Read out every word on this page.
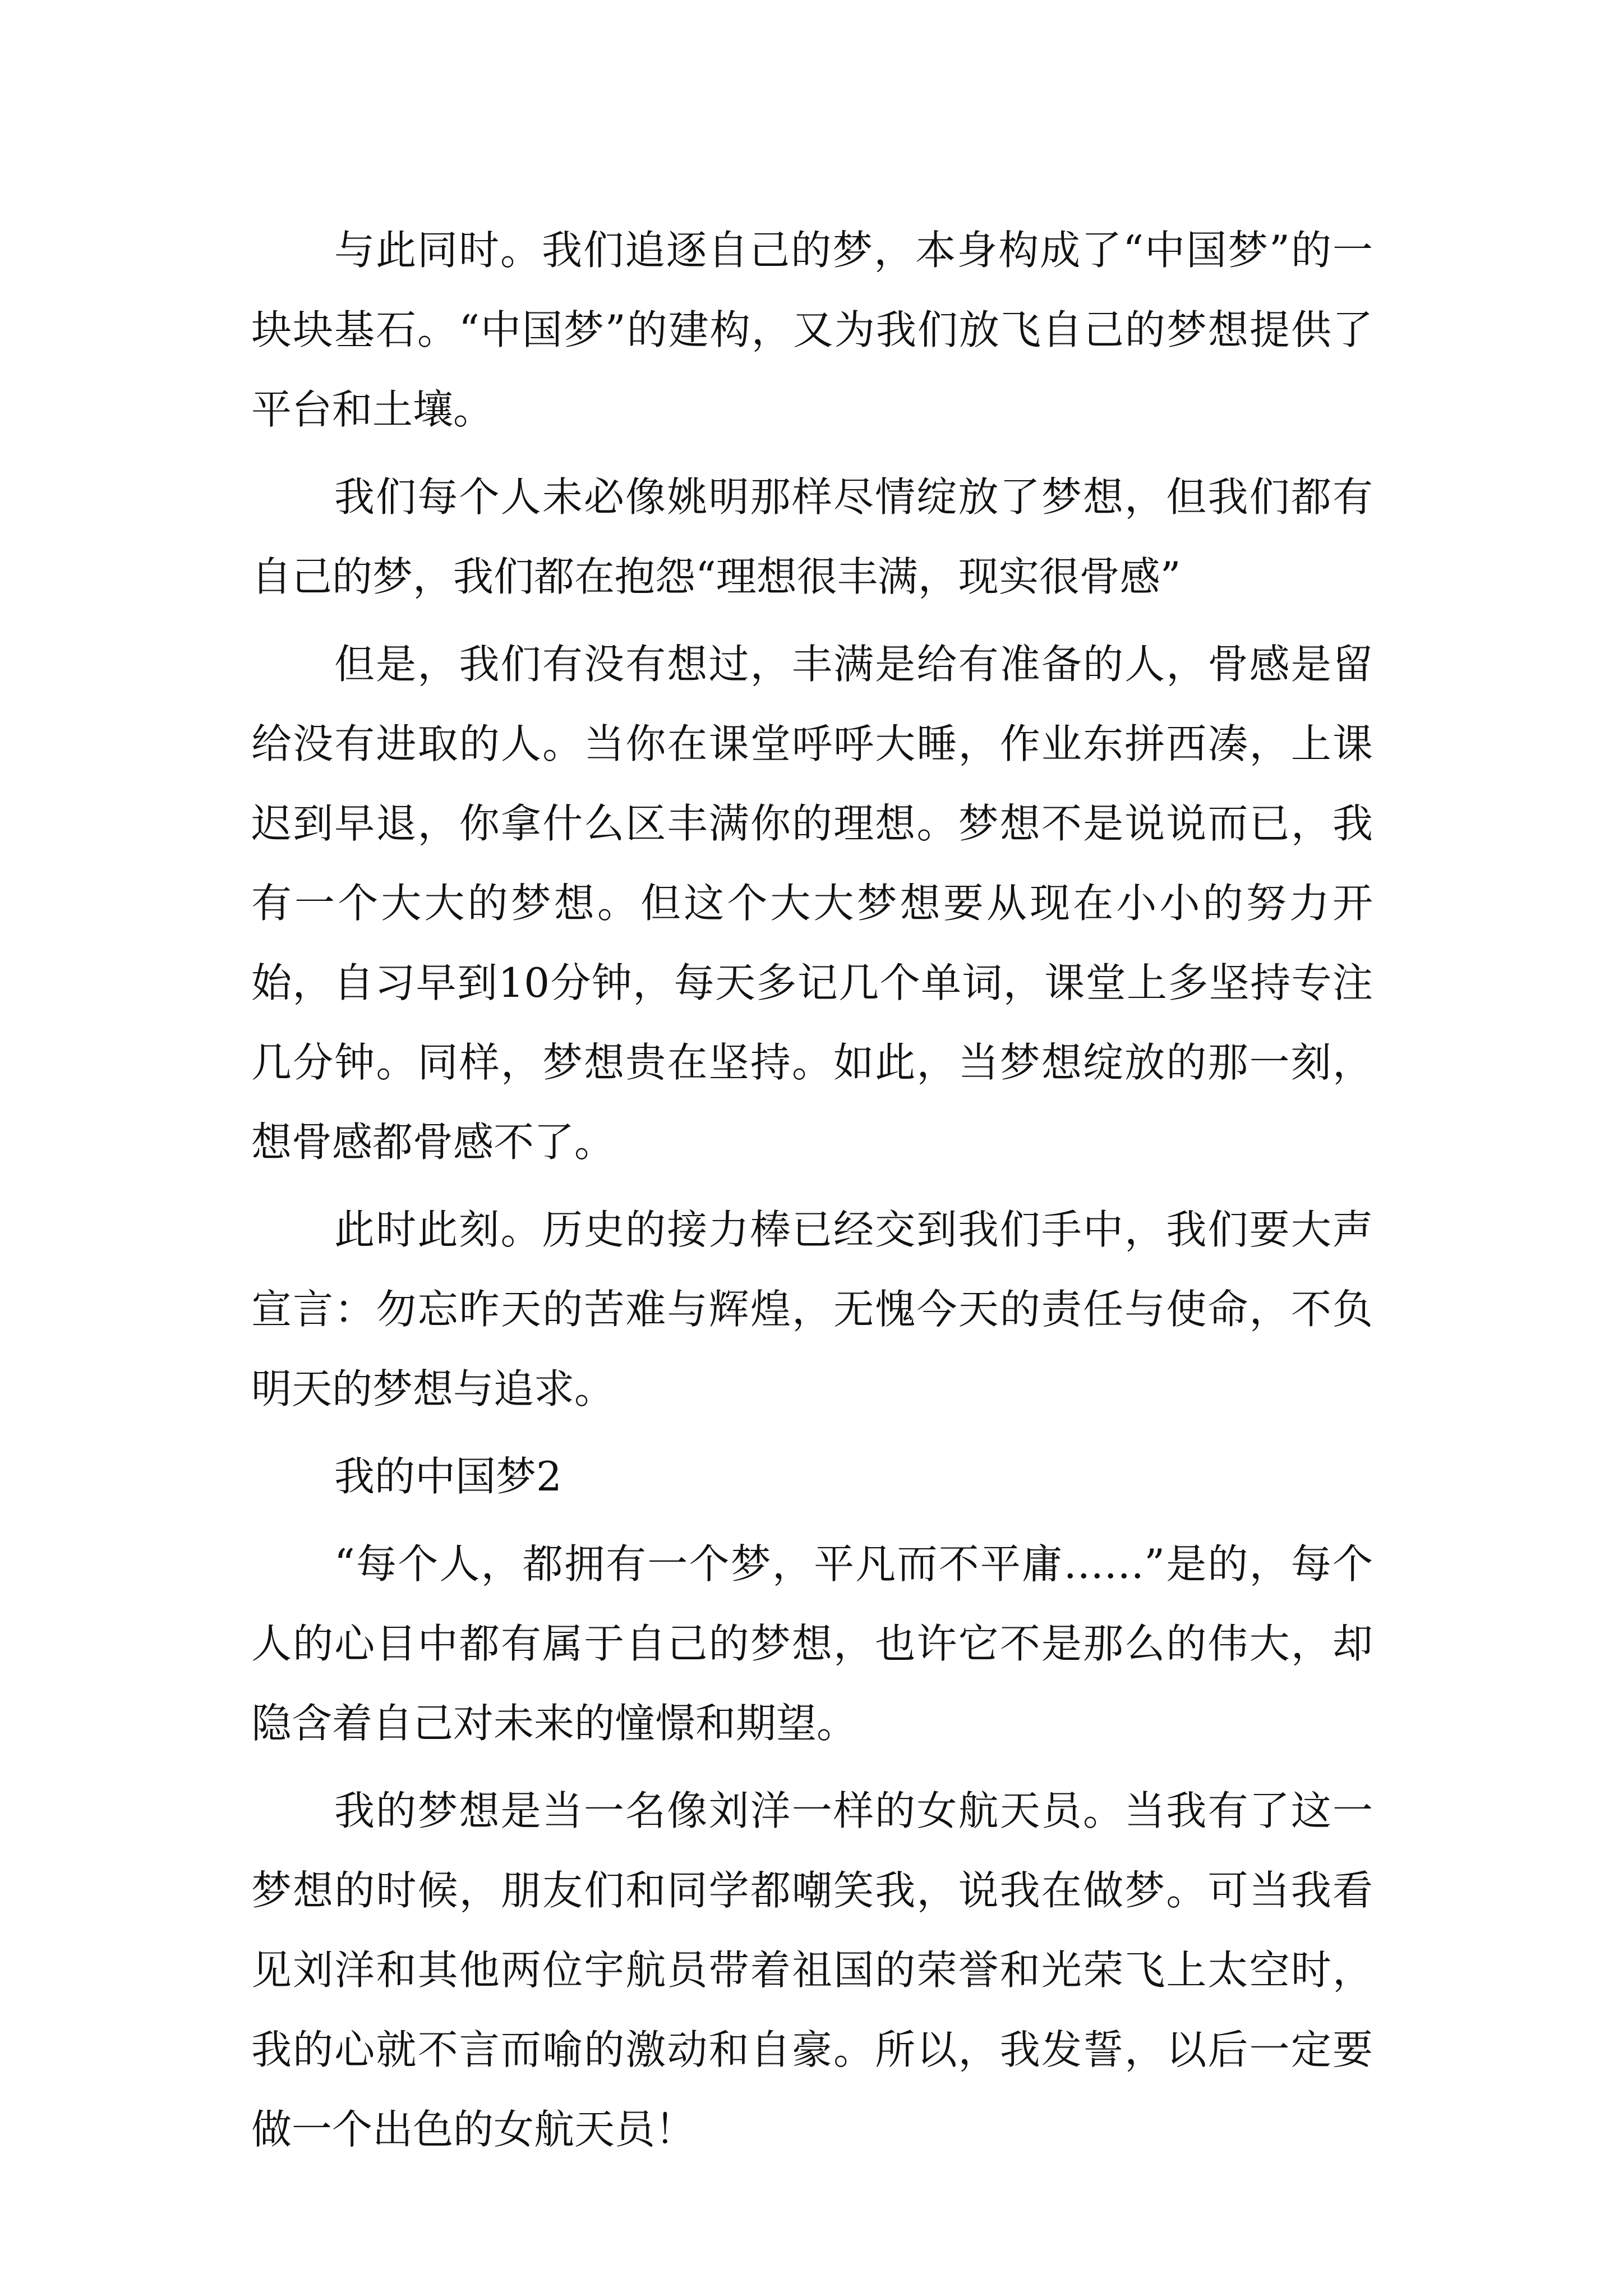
与此同时。我们追逐自己的梦，本身构成了“中国梦”的一块块基石。“中国梦”的建构，又为我们放飞自己的梦想提供了平台和土壤。

我们每个人未必像姚明那样尽情绽放了梦想，但我们都有自己的梦，我们都在抱怨“理想很丰满，现实很骨感”

但是，我们有没有想过，丰满是给有准备的人，骨感是留给没有进取的人。当你在课堂呼呼大睡，作业东拼西凑，上课迟到早退，你拿什么区丰满你的理想。梦想不是说说而已，我有一个大大的梦想。但这个大大梦想要从现在小小的努力开始，自习早到10分钟，每天多记几个单词，课堂上多坚持专注几分钟。同样，梦想贵在坚持。如此，当梦想绽放的那一刻，想骨感都骨感不了。

此时此刻。历史的接力棒已经交到我们手中，我们要大声宣言：勿忘昨天的苦难与辉煌，无愧今天的责任与使命，不负明天的梦想与追求。

我的中国梦2

“每个人，都拥有一个梦，平凡而不平庸……”是的，每个人的心目中都有属于自己的梦想，也许它不是那么的伟大，却隐含着自己对未来的憧憬和期望。

我的梦想是当一名像刘洋一样的女航天员。当我有了这一梦想的时候，朋友们和同学都嘲笑我，说我在做梦。可当我看见刘洋和其他两位宇航员带着祖国的荣誉和光荣飞上太空时，我的心就不言而喻的激动和自豪。所以，我发誓，以后一定要做一个出色的女航天员！
